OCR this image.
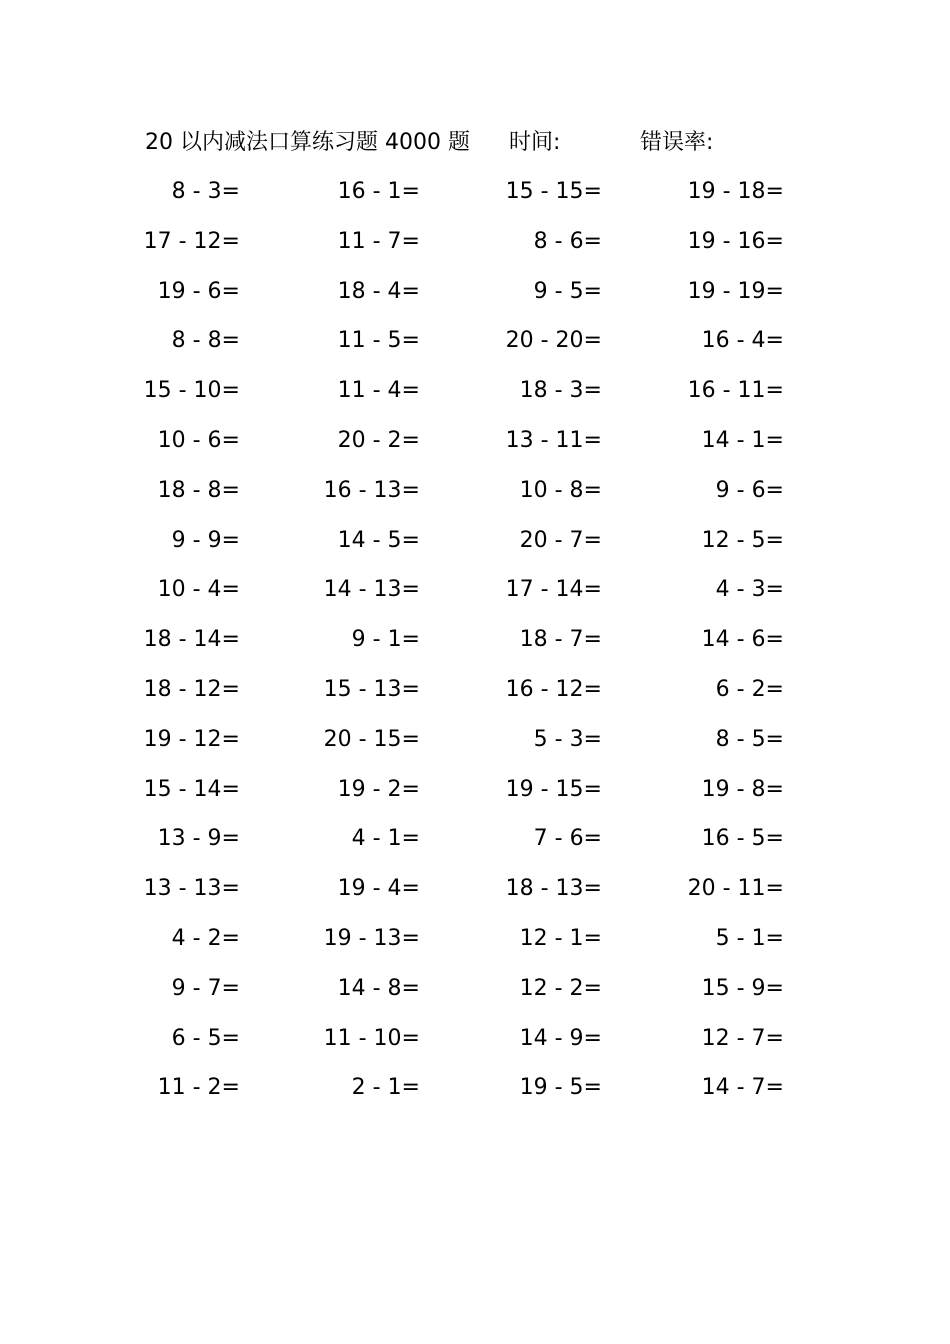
20 以内减法口算练习题 4000 题 时间:	错误率:
8 - 3=	16 - 1=	15 - 15=	19 - 18=
17 - 12=	11 - 7=	8 - 6=	19 - 16=
19 - 6=	18 - 4=	9 - 5=	19 - 19=
8 - 8=	11 - 5=	20 - 20=	16 - 4=
15 - 10=	11 - 4=	18 - 3=	16 - 11=
10 - 6=	20 - 2=	13 - 11=	14 - 1=
18 - 8=	16 - 13=	10 - 8=	9 - 6=
9 - 9=	14 - 5=	20 - 7=	12 - 5=
10 - 4=	14 - 13=	17 - 14=	4 - 3=
18 - 14=	9 - 1=	18 - 7=	14 - 6=
18 - 12=	15 - 13=	16 - 12=	6 - 2=
19 - 12=	20 - 15=	5 - 3=	8 - 5=
15 - 14=	19 - 2=	19 - 15=	19 - 8=
13 - 9=	4 - 1=	7 - 6=	16 - 5=
13 - 13=	19 - 4=	18 - 13=	20 - 11=
4 - 2=	19 - 13=	12 - 1=	5 - 1=
9 - 7=	14 - 8=	12 - 2=	15 - 9=
6 - 5=	11 - 10=	14 - 9=	12 - 7=
11 - 2=	2 - 1=	19 - 5=	14 - 7=
